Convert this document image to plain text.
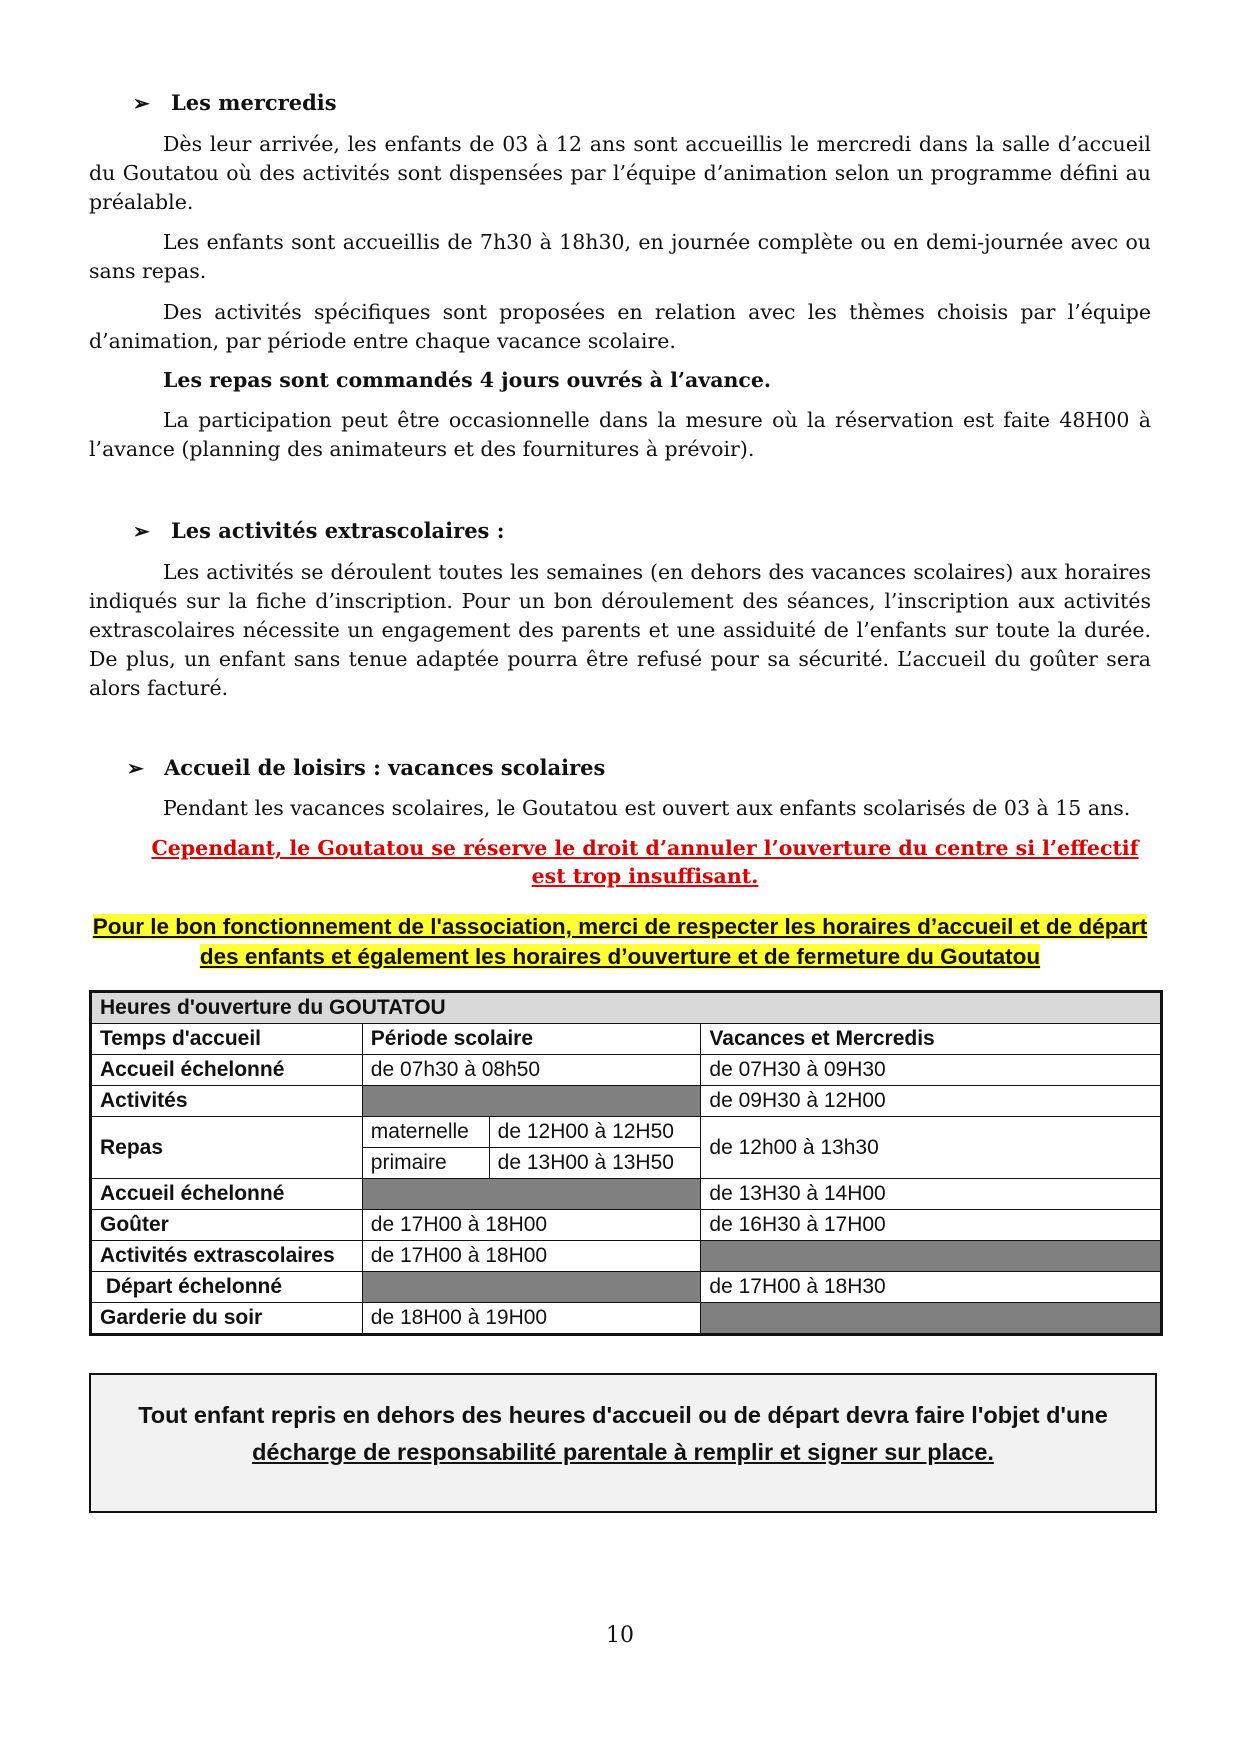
➢ Les mercredis

Dès leur arrivée, les enfants de 03 à 12 ans sont accueillis le mercredi dans la salle d’accueil du Goutatou où des activités sont dispensées par l’équipe d’animation selon un programme défini au préalable.

Les enfants sont accueillis de 7h30 à 18h30, en journée complète ou en demi-journée avec ou sans repas.

Des activités spécifiques sont proposées en relation avec les thèmes choisis par l’équipe d’animation, par période entre chaque vacance scolaire.

Les repas sont commandés 4 jours ouvrés à l’avance.

La participation peut être occasionnelle dans la mesure où la réservation est faite 48H00 à l’avance (planning des animateurs et des fournitures à prévoir).

➢ Les activités extrascolaires :

Les activités se déroulent toutes les semaines (en dehors des vacances scolaires) aux horaires indiqués sur la fiche d’inscription. Pour un bon déroulement des séances, l’inscription aux activités extrascolaires nécessite un engagement des parents et une assiduité de l’enfants sur toute la durée. De plus, un enfant sans tenue adaptée pourra être refusé pour sa sécurité. L’accueil du goûter sera alors facturé.

➢ Accueil de loisirs : vacances scolaires

Pendant les vacances scolaires, le Goutatou est ouvert aux enfants scolarisés de 03 à 15 ans.

Cependant, le Goutatou se réserve le droit d’annuler l’ouverture du centre si l’effectif est trop insuffisant.
Pour le bon fonctionnement de l'association, merci de respecter les horaires d’accueil et de départ des enfants et également les horaires d’ouverture et de fermeture du Goutatou
Heures d'ouverture du GOUTATOU			
Temps d'accueil	Période scolaire		Vacances et Mercredis
Accueil échelonné	de 07h30 à 08h50		de 07H30 à 09H30
Activités			de 09H30 à 12H00
Repas	maternelle	de 12H00 à 12H50	de 12h00 à 13h30
	primaire	de 13H00 à 13H50	
Accueil échelonné			de 13H30 à 14H00
Goûter	de 17H00 à 18H00		de 16H30 à 17H00
Activités extrascolaires	de 17H00 à 18H00		
Départ échelonné			de 17H00 à 18H30
Garderie du soir	de 18H00 à 19H00		
Tout enfant repris en dehors des heures d'accueil ou de départ devra faire l'objet d'une
décharge de responsabilité parentale à remplir et signer sur place.
10
